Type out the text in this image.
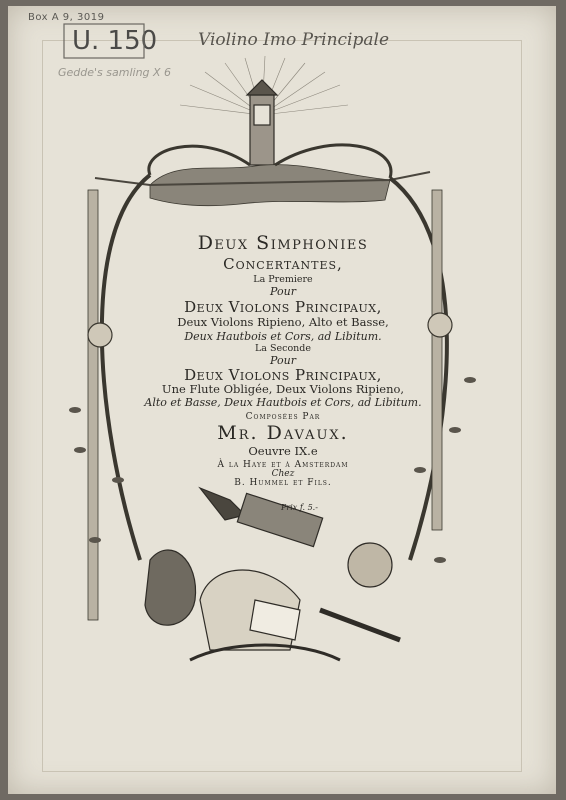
Box A 9, 3019
U. 150
Gedde's samling X 6
Violino Imo Principale
Deux Simphonies
Concertantes,
La Premiere
Pour
Deux Violons Principaux,
Deux Violons Ripieno, Alto et Basse,
Deux Hautbois et Cors, ad Libitum.
La Seconde
Pour
Deux Violons Principaux,
Une Flute Obligée, Deux Violons Ripieno,
Alto et Basse, Deux Hautbois et Cors, ad Libitum.
Composées Par
Mr. Davaux.
Oeuvre IX.e
À la Haye et à Amsterdam
Chez
B. Hummel et Fils.
Prix f. 5.-
